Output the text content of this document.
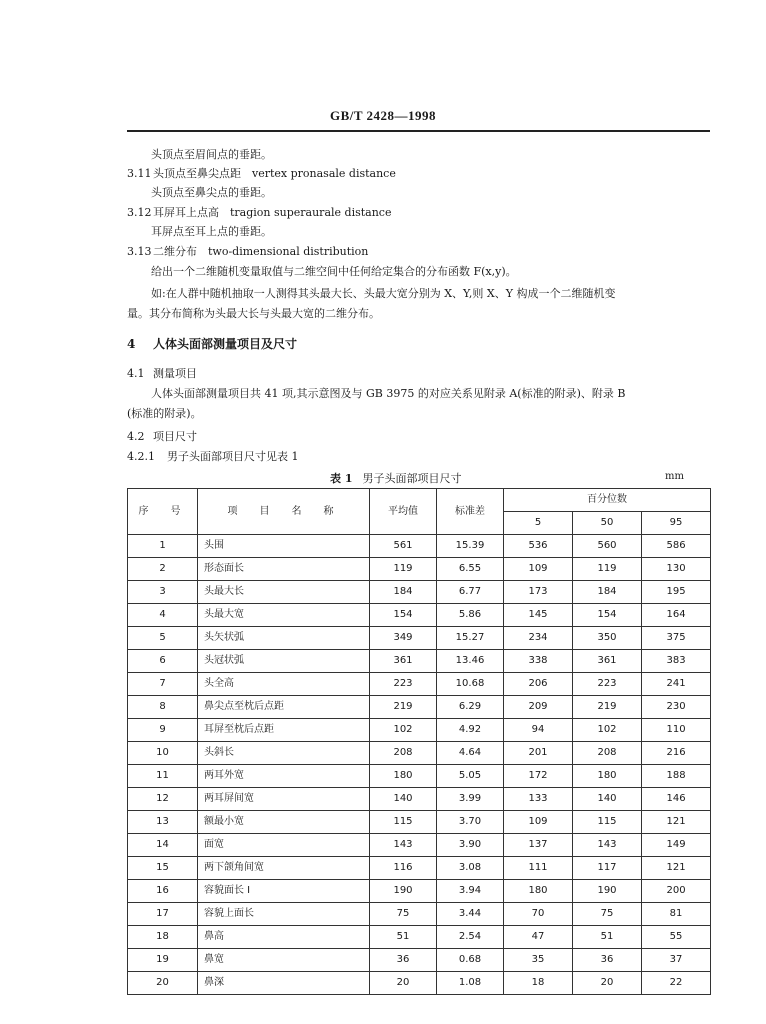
GB/T 2428—1998
头顶点至眉间点的垂距。
3.11 头顶点至鼻尖点距　vertex pronasale distance
头顶点至鼻尖点的垂距。
3.12 耳屏耳上点高　tragion superaurale distance
耳屏点至耳上点的垂距。
3.13 二维分布　two-dimensional distribution
给出一个二维随机变量取值与二维空间中任何给定集合的分布函数 F(x,y)。
如:在人群中随机抽取一人测得其头最大长、头最大宽分别为 X、Y,则 X、Y 构成一个二维随机变
量。其分布简称为头最大长与头最大宽的二维分布。
4 人体头面部测量项目及尺寸
4.1 测量项目
人体头面部测量项目共 41 项,其示意图及与 GB 3975 的对应关系见附录 A(标准的附录)、附录 B
(标准的附录)。
4.2 项目尺寸
4.2.1 男子头面部项目尺寸见表 1
表 1 男子头面部项目尺寸	mm
序　号	项　目　名　称	平均值	标准差	百分位数		
				5	50	95
1	头围	561	15.39	536	560	586
2	形态面长	119	6.55	109	119	130
3	头最大长	184	6.77	173	184	195
4	头最大宽	154	5.86	145	154	164
5	头矢状弧	349	15.27	234	350	375
6	头冠状弧	361	13.46	338	361	383
7	头全高	223	10.68	206	223	241
8	鼻尖点至枕后点距	219	6.29	209	219	230
9	耳屏至枕后点距	102	4.92	94	102	110
10	头斜长	208	4.64	201	208	216
11	两耳外宽	180	5.05	172	180	188
12	两耳屏间宽	140	3.99	133	140	146
13	额最小宽	115	3.70	109	115	121
14	面宽	143	3.90	137	143	149
15	两下颌角间宽	116	3.08	111	117	121
16	容貌面长 I	190	3.94	180	190	200
17	容貌上面长	75	3.44	70	75	81
18	鼻高	51	2.54	47	51	55
19	鼻宽	36	0.68	35	36	37
20	鼻深	20	1.08	18	20	22
